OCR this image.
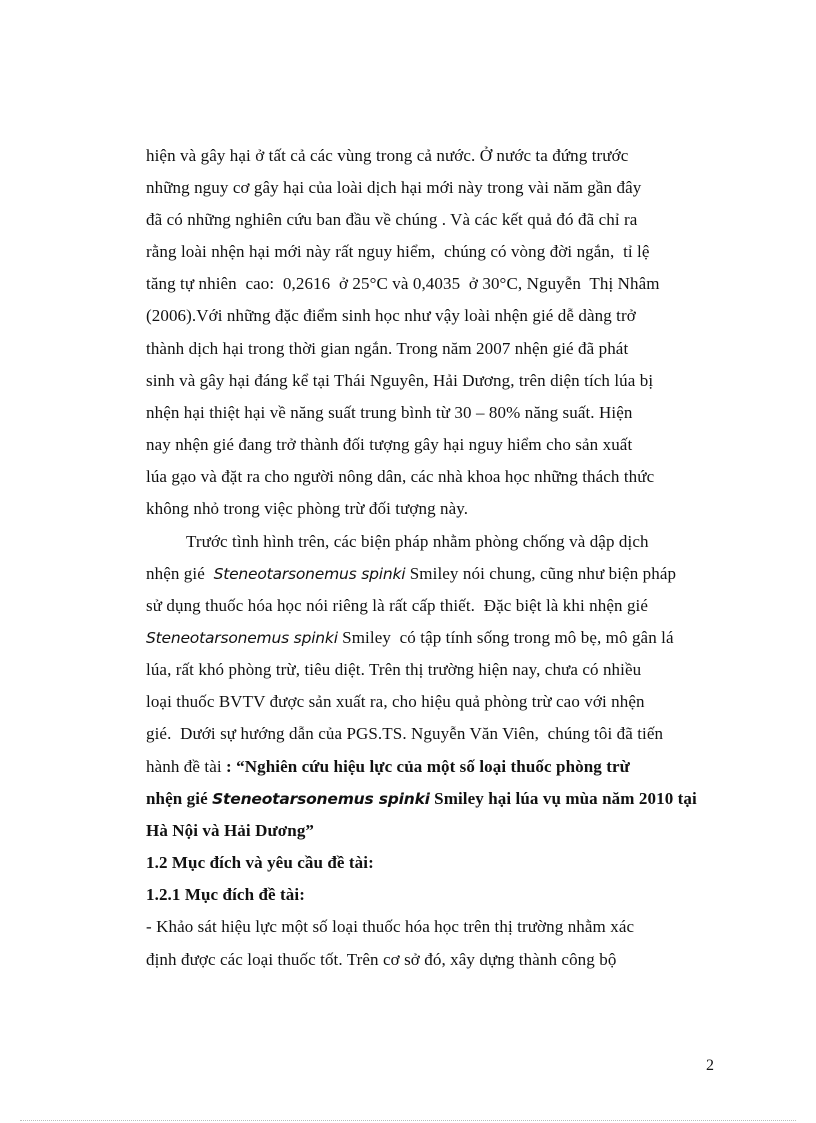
hiện và gây hại ở tất cả các vùng trong cả nước. Ở nước ta đứng trước
những nguy cơ gây hại của loài dịch hại mới này trong vài năm gần đây
đã có những nghiên cứu ban đầu về chúng . Và các kết quả đó đã chỉ ra
rằng loài nhện hại mới này rất nguy hiểm,  chúng có vòng đời ngắn,  tỉ lệ
tăng tự nhiên  cao:  0,2616  ở 25°C và 0,4035  ở 30°C, Nguyễn  Thị Nhâm
(2006).Với những đặc điểm sinh học như vậy loài nhện gié dễ dàng trở
thành dịch hại trong thời gian ngắn. Trong năm 2007 nhện gié đã phát
sinh và gây hại đáng kể tại Thái Nguyên, Hải Dương, trên diện tích lúa bị
nhện hại thiệt hại về năng suất trung bình từ 30 – 80% năng suất. Hiện
nay nhện gié đang trở thành đối tượng gây hại nguy hiểm cho sản xuất
lúa gạo và đặt ra cho người nông dân, các nhà khoa học những thách thức
không nhỏ trong việc phòng trừ đối tượng này.
Trước tình hình trên, các biện pháp nhằm phòng chống và dập dịch
nhện gié  Steneotarsonemus spinki Smiley nói chung, cũng như biện pháp
sử dụng thuốc hóa học nói riêng là rất cấp thiết.  Đặc biệt là khi nhện gié
Steneotarsonemus spinki Smiley  có tập tính sống trong mô bẹ, mô gân lá
lúa, rất khó phòng trừ, tiêu diệt. Trên thị trường hiện nay, chưa có nhiều
loại thuốc BVTV được sản xuất ra, cho hiệu quả phòng trừ cao với nhện
gié.  Dưới sự hướng dẫn của PGS.TS. Nguyễn Văn Viên,  chúng tôi đã tiến
hành đề tài : “Nghiên cứu hiệu lực của một số loại thuốc phòng trừ
nhện gié Steneotarsonemus spinki Smiley hại lúa vụ mùa năm 2010 tại
Hà Nội và Hải Dương”
1.2 Mục đích và yêu cầu đề tài:
1.2.1 Mục đích đề tài:
- Khảo sát hiệu lực một số loại thuốc hóa học trên thị trường nhằm xác
định được các loại thuốc tốt. Trên cơ sở đó, xây dựng thành công bộ
2
